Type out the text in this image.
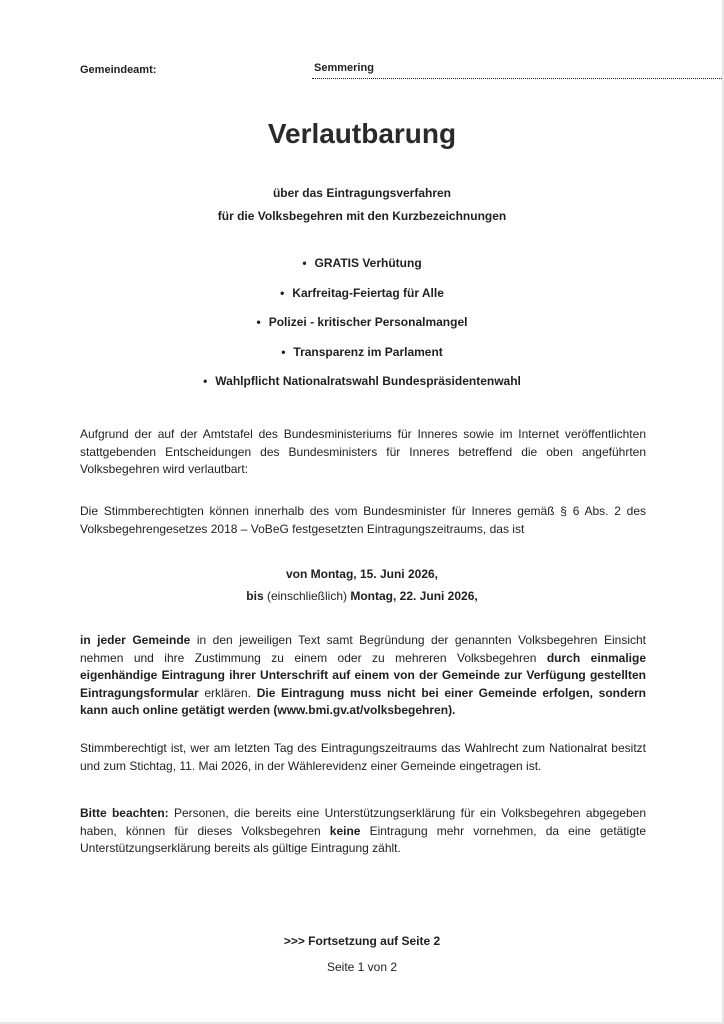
Gemeindeamt:	Semmering
Verlautbarung
über das Eintragungsverfahren
für die Volksbegehren mit den Kurzbezeichnungen
• GRATIS Verhütung
• Karfreitag-Feiertag für Alle
• Polizei - kritischer Personalmangel
• Transparenz im Parlament
• Wahlpflicht Nationalratswahl Bundespräsidentenwahl
Aufgrund der auf der Amtstafel des Bundesministeriums für Inneres sowie im Internet veröffentlichten stattgebenden Entscheidungen des Bundesministers für Inneres betreffend die oben angeführten Volksbegehren wird verlautbart:
Die Stimmberechtigten können innerhalb des vom Bundesminister für Inneres gemäß § 6 Abs. 2 des Volksbegehrengesetzes 2018 – VoBeG festgesetzten Eintragungszeitraums, das ist
von Montag, 15. Juni 2026,
bis (einschließlich) Montag, 22. Juni 2026,
in jeder Gemeinde in den jeweiligen Text samt Begründung der genannten Volksbegehren Einsicht nehmen und ihre Zustimmung zu einem oder zu mehreren Volksbegehren durch einmalige eigenhändige Eintragung ihrer Unterschrift auf einem von der Gemeinde zur Verfügung gestellten Eintragungsformular erklären. Die Eintragung muss nicht bei einer Gemeinde erfolgen, sondern kann auch online getätigt werden (www.bmi.gv.at/volksbegehren).
Stimmberechtigt ist, wer am letzten Tag des Eintragungszeitraums das Wahlrecht zum Nationalrat besitzt und zum Stichtag, 11. Mai 2026, in der Wählerevidenz einer Gemeinde eingetragen ist.
Bitte beachten: Personen, die bereits eine Unterstützungserklärung für ein Volksbegehren abgegeben haben, können für dieses Volksbegehren keine Eintragung mehr vornehmen, da eine getätigte Unterstützungserklärung bereits als gültige Eintragung zählt.
>>> Fortsetzung auf Seite 2
Seite 1 von 2
